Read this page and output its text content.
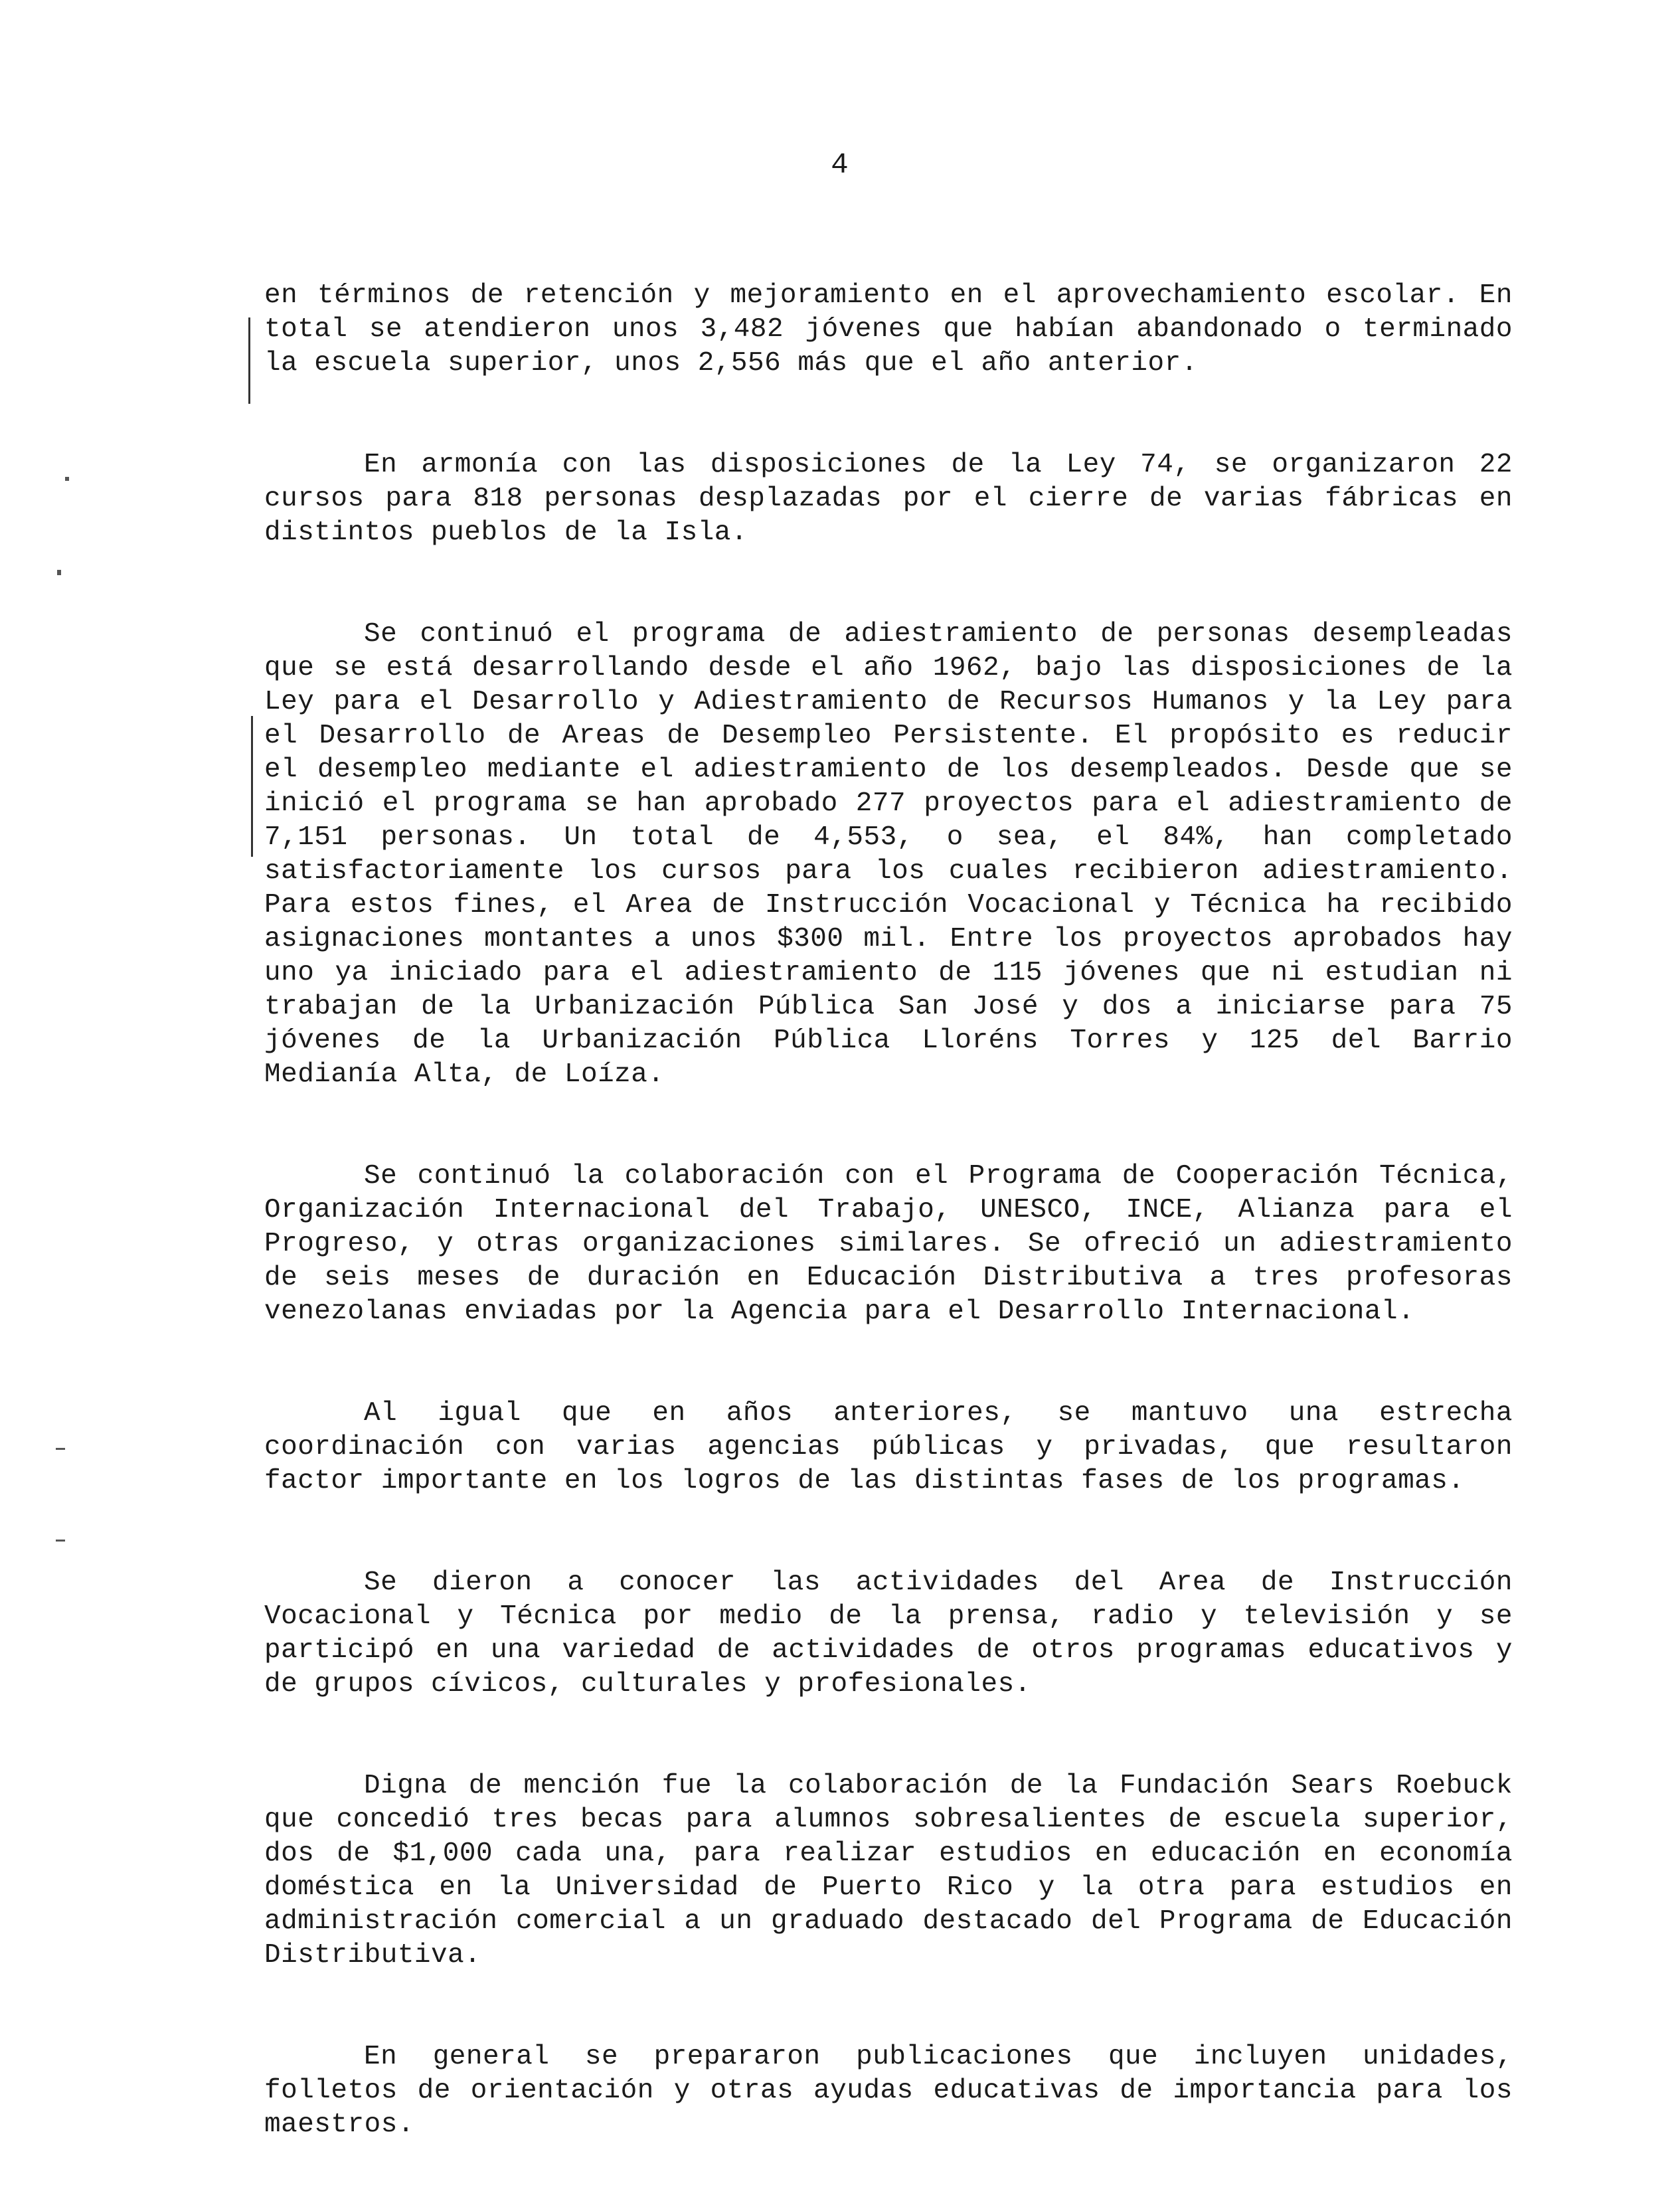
4

en términos de retención y mejoramiento en el aprovechamiento escolar. En total se atendieron unos 3,482 jóvenes que habían abandonado o terminado la escuela superior, unos 2,556 más que el año anterior.

En armonía con las disposiciones de la Ley 74, se organizaron 22 cursos para 818 personas desplazadas por el cierre de varias fábricas en distintos pueblos de la Isla.

Se continuó el programa de adiestramiento de personas desempleadas que se está desarrollando desde el año 1962, bajo las disposiciones de la Ley para el Desarrollo y Adiestramiento de Recursos Humanos y la Ley para el Desarrollo de Areas de Desempleo Persistente. El propósito es reducir el desempleo mediante el adiestramiento de los desempleados. Desde que se inició el programa se han aprobado 277 proyectos para el adiestramiento de 7,151 personas. Un total de 4,553, o sea, el 84%, han completado satisfactoriamente los cursos para los cuales recibieron adiestramiento. Para estos fines, el Area de Instrucción Vocacional y Técnica ha recibido asignaciones montantes a unos $300 mil. Entre los proyectos aprobados hay uno ya iniciado para el adiestramiento de 115 jóvenes que ni estudian ni trabajan de la Urbanización Pública San José y dos a iniciarse para 75 jóvenes de la Urbanización Pública Lloréns Torres y 125 del Barrio Medianía Alta, de Loíza.

Se continuó la colaboración con el Programa de Cooperación Técnica, Organización Internacional del Trabajo, UNESCO, INCE, Alianza para el Progreso, y otras organizaciones similares. Se ofreció un adiestramiento de seis meses de duración en Educación Distributiva a tres profesoras venezolanas enviadas por la Agencia para el Desarrollo Internacional.

Al igual que en años anteriores, se mantuvo una estrecha coordinación con varias agencias públicas y privadas, que resultaron factor importante en los logros de las distintas fases de los programas.

Se dieron a conocer las actividades del Area de Instrucción Vocacional y Técnica por medio de la prensa, radio y televisión y se participó en una variedad de actividades de otros programas educativos y de grupos cívicos, culturales y profesionales.

Digna de mención fue la colaboración de la Fundación Sears Roebuck que concedió tres becas para alumnos sobresalientes de escuela superior, dos de $1,000 cada una, para realizar estudios en educación en economía doméstica en la Universidad de Puerto Rico y la otra para estudios en administración comercial a un graduado destacado del Programa de Educación Distributiva.

En general se prepararon publicaciones que incluyen unidades, folletos de orientación y otras ayudas educativas de importancia para los maestros.
